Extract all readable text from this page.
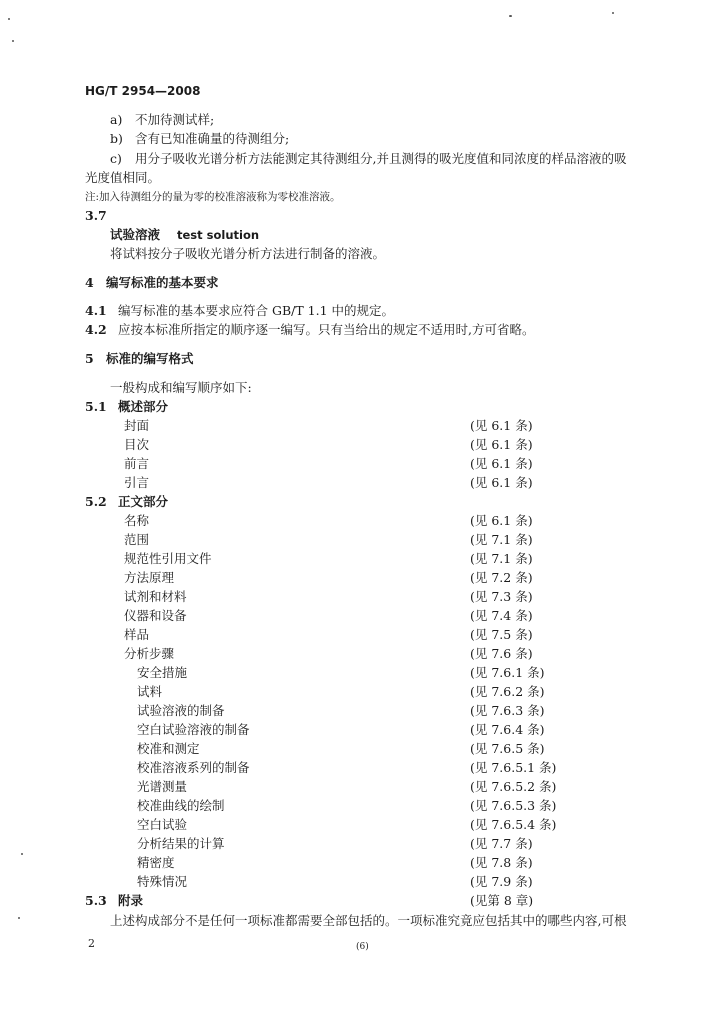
HG/T 2954—2008
a) 不加待测试样;
b) 含有已知准确量的待测组分;
c) 用分子吸收光谱分析方法能测定其待测组分,并且测得的吸光度值和同浓度的样品溶液的吸
光度值相同。
注:加入待测组分的量为零的校准溶液称为零校准溶液。
3.7
试验溶液 test solution
将试料按分子吸收光谱分析方法进行制备的溶液。
4 编写标准的基本要求
4.1 编写标准的基本要求应符合 GB/T 1.1 中的规定。
4.2 应按本标准所指定的顺序逐一编写。只有当给出的规定不适用时,方可省略。
5 标准的编写格式
一般构成和编写顺序如下:
5.1 概述部分
封面	(见 6.1 条)
目次	(见 6.1 条)
前言	(见 6.1 条)
引言	(见 6.1 条)
5.2 正文部分
名称	(见 6.1 条)
范围	(见 7.1 条)
规范性引用文件	(见 7.1 条)
方法原理	(见 7.2 条)
试剂和材料	(见 7.3 条)
仪器和设备	(见 7.4 条)
样品	(见 7.5 条)
分析步骤	(见 7.6 条)
安全措施	(见 7.6.1 条)
试料	(见 7.6.2 条)
试验溶液的制备	(见 7.6.3 条)
空白试验溶液的制备	(见 7.6.4 条)
校准和测定	(见 7.6.5 条)
校准溶液系列的制备	(见 7.6.5.1 条)
光谱测量	(见 7.6.5.2 条)
校准曲线的绘制	(见 7.6.5.3 条)
空白试验	(见 7.6.5.4 条)
分析结果的计算	(见 7.7 条)
精密度	(见 7.8 条)
特殊情况	(见 7.9 条)
5.3 附录	(见第 8 章)
上述构成部分不是任何一项标准都需要全部包括的。一项标准究竟应包括其中的哪些内容,可根
2	(6)
